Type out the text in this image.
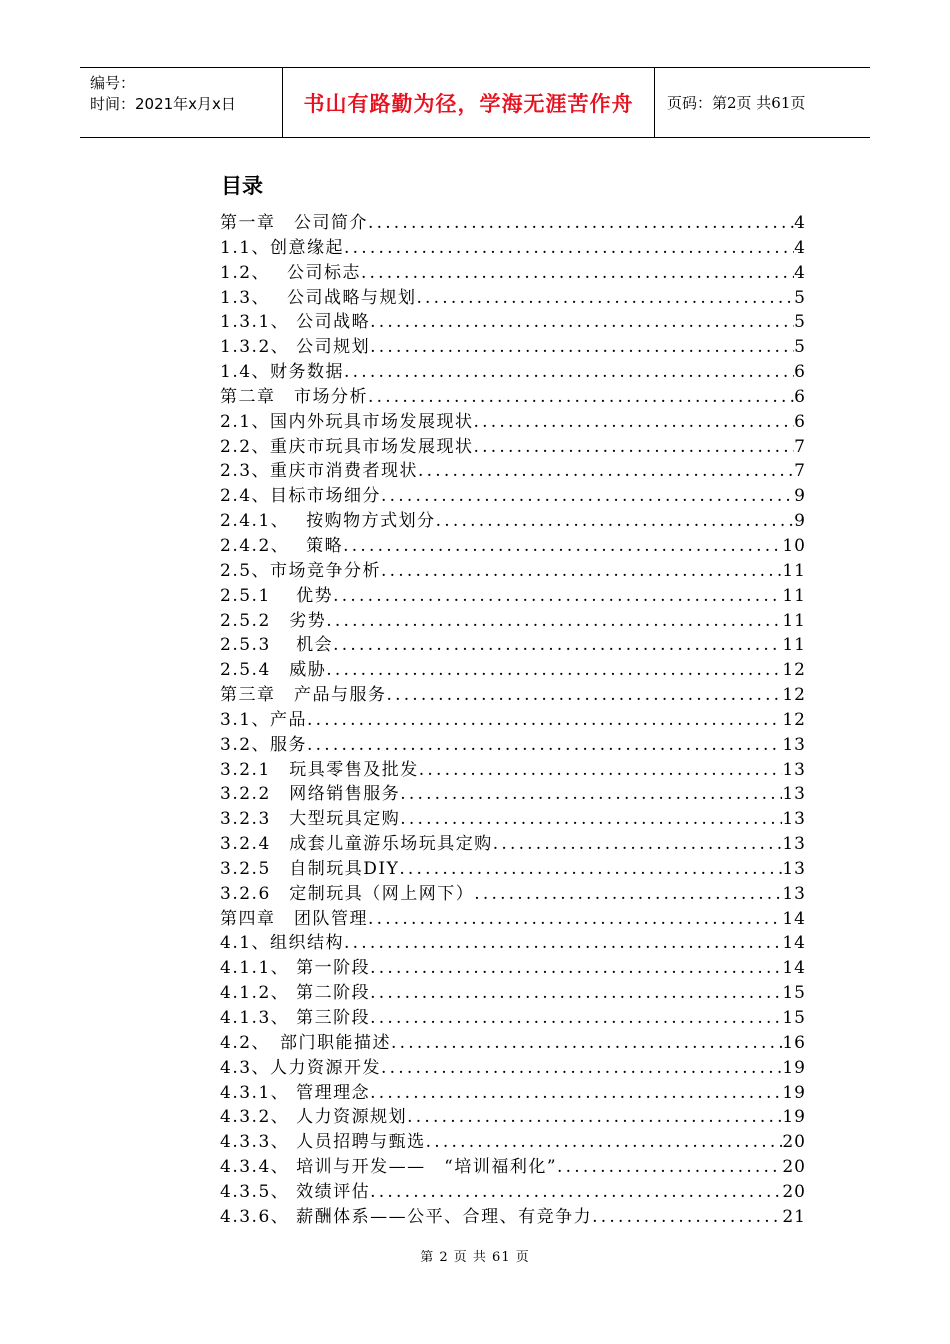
编号：
时间：2021年x月x日	书山有路勤为径，学海无涯苦作舟 页码：第2页 共61页
目录
第一章　公司简介 .....	4
1.1、创意缘起 .....	4
1.2、　 公司标志 .....	4
1.3、　 公司战略与规划 .....	5
1.3.1、 公司战略 .....	5
1.3.2、 公司规划 .....	5
1.4、财务数据 .....	6
第二章　市场分析 .....	6
2.1、国内外玩具市场发展现状 .....	6
2.2、重庆市玩具市场发展现状 .....	7
2.3、重庆市消费者现状 .....	7
2.4、目标市场细分 .....	9
2.4.1、　 按购物方式划分 .....	9
2.4.2、　 策略 .....	10
2.5、市场竞争分析 .....	11
2.5.1　 优势 .....	11
2.5.2　劣势 .....	11
2.5.3　 机会 .....	11
2.5.4　威胁 .....	12
第三章　产品与服务 .....	12
3.1、产品 .....	12
3.2、服务 .....	13
3.2.1　玩具零售及批发 .....	13
3.2.2　网络销售服务 .....	13
3.2.3　大型玩具定购 .....	13
3.2.4　成套儿童游乐场玩具定购 .....	13
3.2.5　自制玩具DIY .....	13
3.2.6　定制玩具（网上网下） .....	13
第四章　团队管理 .....	14
4.1、组织结构 .....	14
4.1.1、 第一阶段 .....	14
4.1.2、 第二阶段 .....	15
4.1.3、 第三阶段 .....	15
4.2、　部门职能描述 .....	16
4.3、人力资源开发 .....	19
4.3.1、 管理理念 .....	19
4.3.2、 人力资源规划 .....	19
4.3.3、 人员招聘与甄选 .....	20
4.3.4、 培训与开发——　“培训福利化” .....	20
4.3.5、 效绩评估 .....	20
4.3.6、 薪酬体系——公平、合理、有竞争力 .....	21
第 2 页 共 61 页
